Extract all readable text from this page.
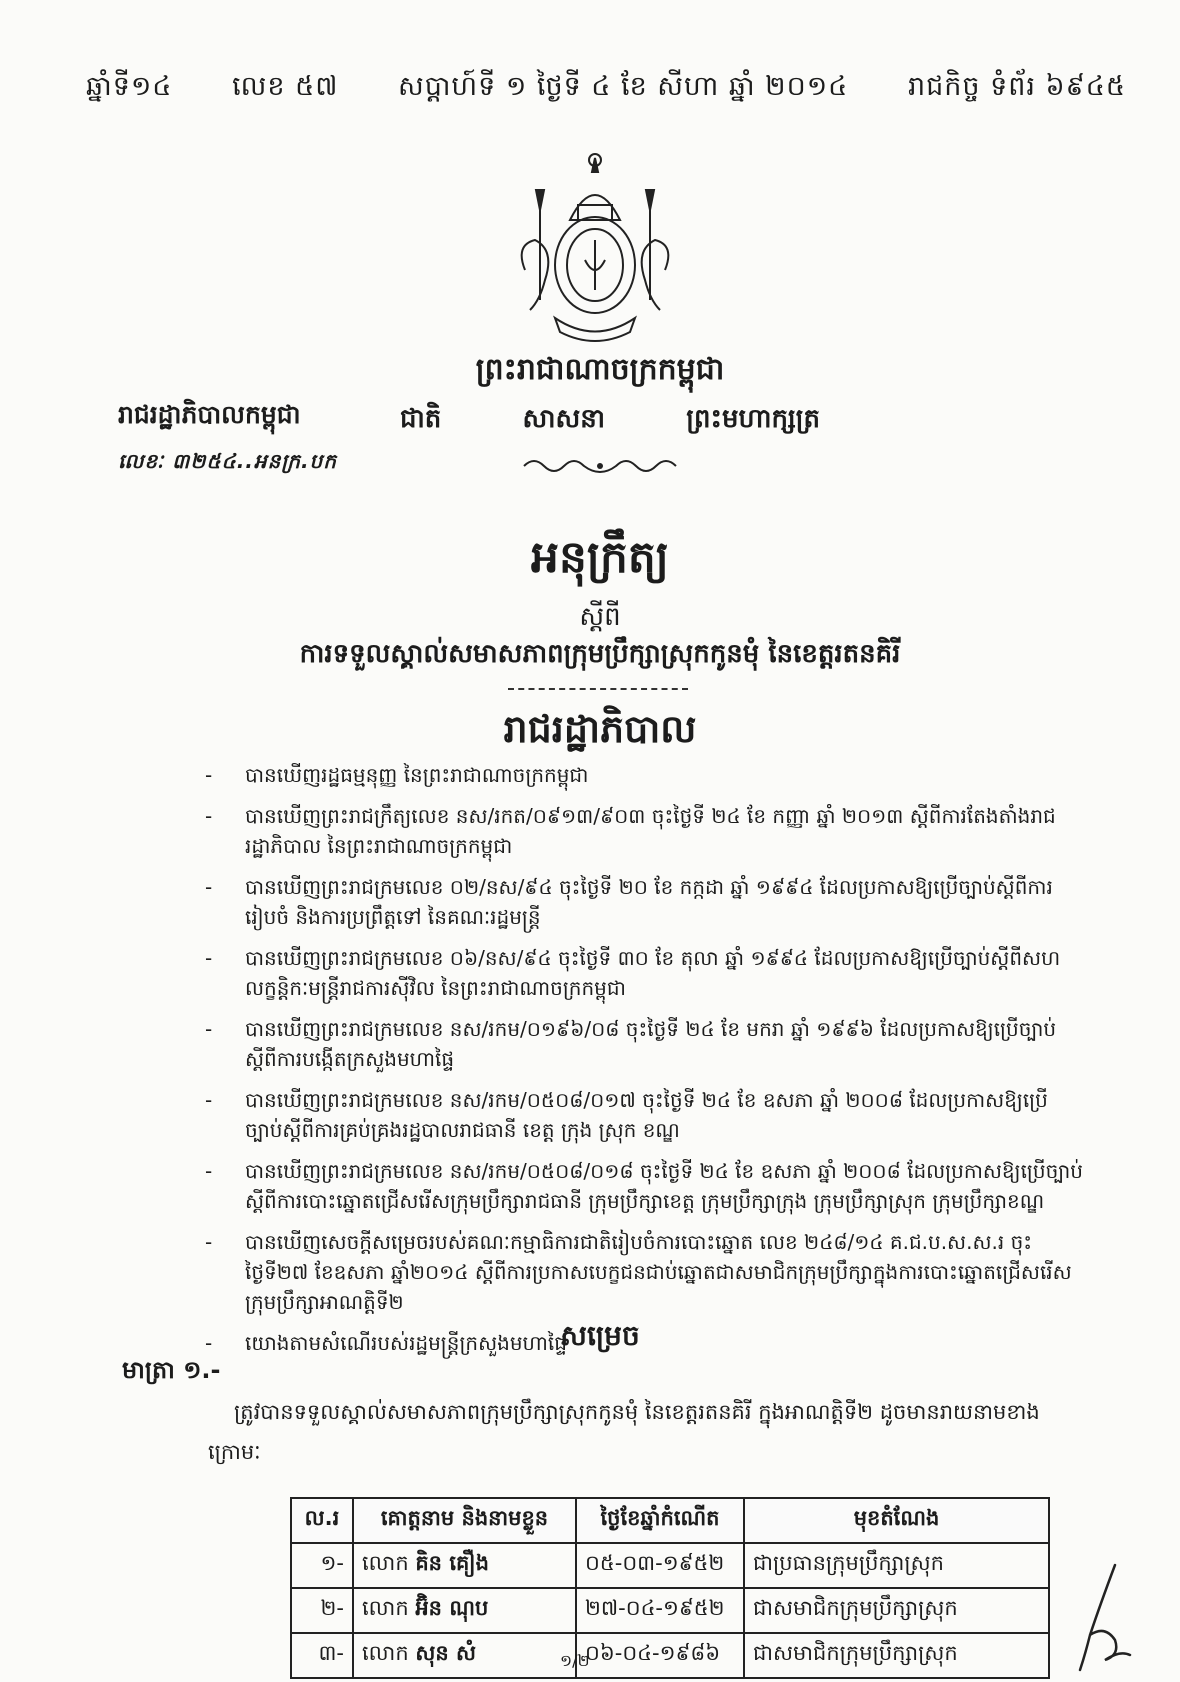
ឆ្នាំទី១៤ លេខ ៥៧ សប្តាហ៍ទី ១ ថ្ងៃទី ៤ ខែ សីហា ឆ្នាំ ២០១៤ រាជកិច្ច ទំព័រ ៦៩៤៥
ព្រះរាជាណាចក្រកម្ពុជា
ជាតិ	សាសនា	ព្រះមហាក្សត្រ
រាជរដ្ឋាភិបាលកម្ពុជា
លេខៈ ៣២៥៤..អនក្រ.បក
អនុក្រឹត្យ
ស្តីពី
ការទទួលស្គាល់សមាសភាពក្រុមប្រឹក្សាស្រុកកូនមុំ នៃខេត្តរតនគិរី
រាជរដ្ឋាភិបាល
- បានឃើញរដ្ឋធម្មនុញ្ញ នៃព្រះរាជាណាចក្រកម្ពុជា
- បានឃើញព្រះរាជក្រឹត្យលេខ នស/រកត/០៩១៣/៩០៣ ចុះថ្ងៃទី ២៤ ខែ កញ្ញា ឆ្នាំ ២០១៣ ស្តីពីការតែងតាំងរាជរដ្ឋាភិបាល នៃព្រះរាជាណាចក្រកម្ពុជា
- បានឃើញព្រះរាជក្រមលេខ ០២/នស/៩៤ ចុះថ្ងៃទី ២០ ខែ កក្កដា ឆ្នាំ ១៩៩៤ ដែលប្រកាសឱ្យប្រើច្បាប់ស្តីពីការរៀបចំ និងការប្រព្រឹត្តទៅ នៃគណៈរដ្ឋមន្ត្រី
- បានឃើញព្រះរាជក្រមលេខ ០៦/នស/៩៤ ចុះថ្ងៃទី ៣០ ខែ តុលា ឆ្នាំ ១៩៩៤ ដែលប្រកាសឱ្យប្រើច្បាប់ស្តីពីសហលក្ខន្តិកៈមន្ត្រីរាជការស៊ីវិល នៃព្រះរាជាណាចក្រកម្ពុជា
- បានឃើញព្រះរាជក្រមលេខ នស/រកម/០១៩៦/០៨ ចុះថ្ងៃទី ២៤ ខែ មករា ឆ្នាំ ១៩៩៦ ដែលប្រកាសឱ្យប្រើច្បាប់ស្តីពីការបង្កើតក្រសួងមហាផ្ទៃ
- បានឃើញព្រះរាជក្រមលេខ នស/រកម/០៥០៨/០១៧ ចុះថ្ងៃទី ២៤ ខែ ឧសភា ឆ្នាំ ២០០៨ ដែលប្រកាសឱ្យប្រើច្បាប់ស្តីពីការគ្រប់គ្រងរដ្ឋបាលរាជធានី ខេត្ត ក្រុង ស្រុក ខណ្ឌ
- បានឃើញព្រះរាជក្រមលេខ នស/រកម/០៥០៨/០១៨ ចុះថ្ងៃទី ២៤ ខែ ឧសភា ឆ្នាំ ២០០៨ ដែលប្រកាសឱ្យប្រើច្បាប់ស្តីពីការបោះឆ្នោតជ្រើសរើសក្រុមប្រឹក្សារាជធានី ក្រុមប្រឹក្សាខេត្ត ក្រុមប្រឹក្សាក្រុង ក្រុមប្រឹក្សាស្រុក ក្រុមប្រឹក្សាខណ្ឌ
- បានឃើញសេចក្តីសម្រេចរបស់គណៈកម្មាធិការជាតិរៀបចំការបោះឆ្នោត លេខ ២៤៨/១៤ គ.ជ.ប.ស.ស.រ ចុះថ្ងៃទី២៧ ខែឧសភា ឆ្នាំ២០១៤ ស្តីពីការប្រកាសបេក្ខជនជាប់ឆ្នោតជាសមាជិកក្រុមប្រឹក្សាក្នុងការបោះឆ្នោតជ្រើសរើសក្រុមប្រឹក្សាអាណត្តិទី២
- យោងតាមសំណើរបស់រដ្ឋមន្ត្រីក្រសួងមហាផ្ទៃ
សម្រេច
មាត្រា ១.-
ត្រូវបានទទួលស្គាល់សមាសភាពក្រុមប្រឹក្សាស្រុកកូនមុំ នៃខេត្តរតនគិរី ក្នុងអាណត្តិទី២ ដូចមានរាយនាមខាងក្រោមៈ
ល.រ	គោត្តនាម និងនាមខ្លួន	ថ្ងៃខែឆ្នាំកំណើត	មុខតំណែង
១-	លោក គិន គឿង	០៥-០៣-១៩៥២	ជាប្រធានក្រុមប្រឹក្សាស្រុក
២-	លោក អ៊ិន ណុប	២៧-០៤-១៩៥២	ជាសមាជិកក្រុមប្រឹក្សាស្រុក
៣-	លោក សុន សំ	០៦-០៤-១៩៨៦	ជាសមាជិកក្រុមប្រឹក្សាស្រុក
១/២
